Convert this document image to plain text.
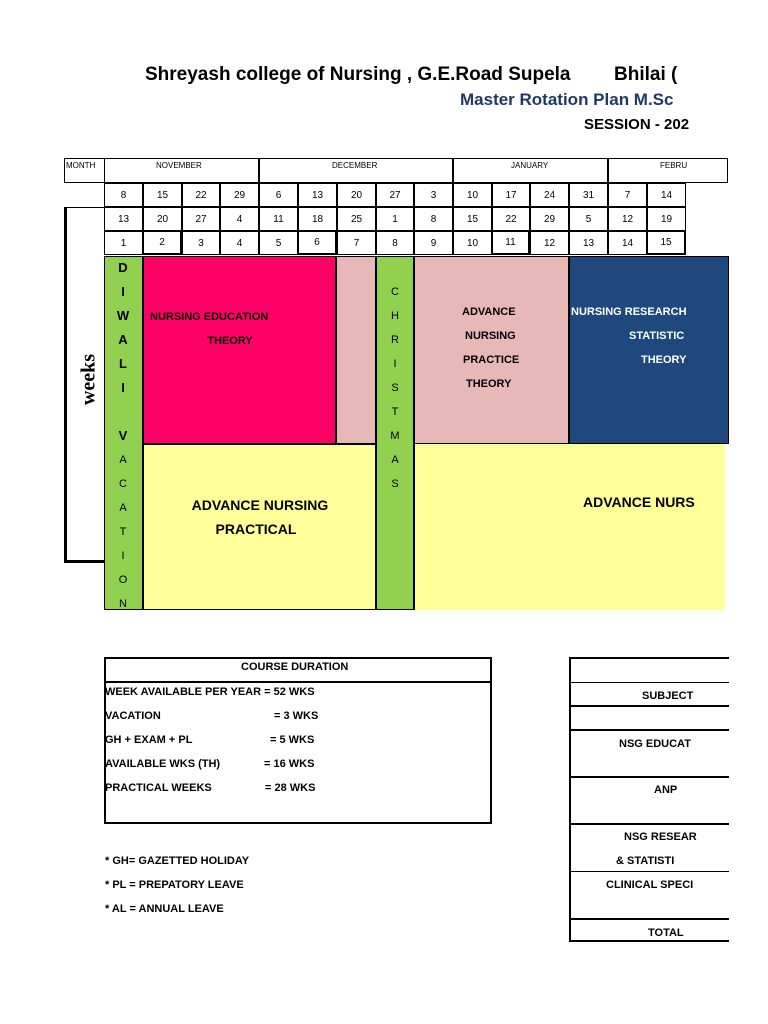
Shreyash college of Nursing , G.E.Road Supela Bhilai (
Master Rotation Plan M.Sc
SESSION - 202
MONTH	NOVEMBER	DECEMBER	JANUARY	FEBRU
8	15	22	29	6	13	20	27	3	10	17	24	31	7	14
13	20	27	4	11	18	25	1	8	15	22	29	5	12	19
1	2	3	4	5	6	7	8	9	10	11	12	13	14	15
weeks
D
I
W
A
L
I
V
A
C
A
T
I
O
N
C
H
R
I
S
T
M
A
S
NURSING EDUCATION
THEORY
ADVANCE
NURSING
PRACTICE
THEORY
NURSING RESEARCH
STATISTIC
THEORY
ADVANCE NURSING
PRACTICAL
SUBJECT
NSG EDUCAT
ANP
NSG RESEAR
& STATISTI
CLINICAL SPECI
TOTAL
ADVANCE NURS
COURSE DURATION
WEEK AVAILABLE PER YEAR = 52 WKS
VACATION	= 3 WKS
GH + EXAM + PL	= 5 WKS
AVAILABLE WKS (TH)	= 16 WKS
PRACTICAL WEEKS	= 28 WKS
* GH= GAZETTED HOLIDAY
* PL = PREPATORY LEAVE
* AL = ANNUAL LEAVE
